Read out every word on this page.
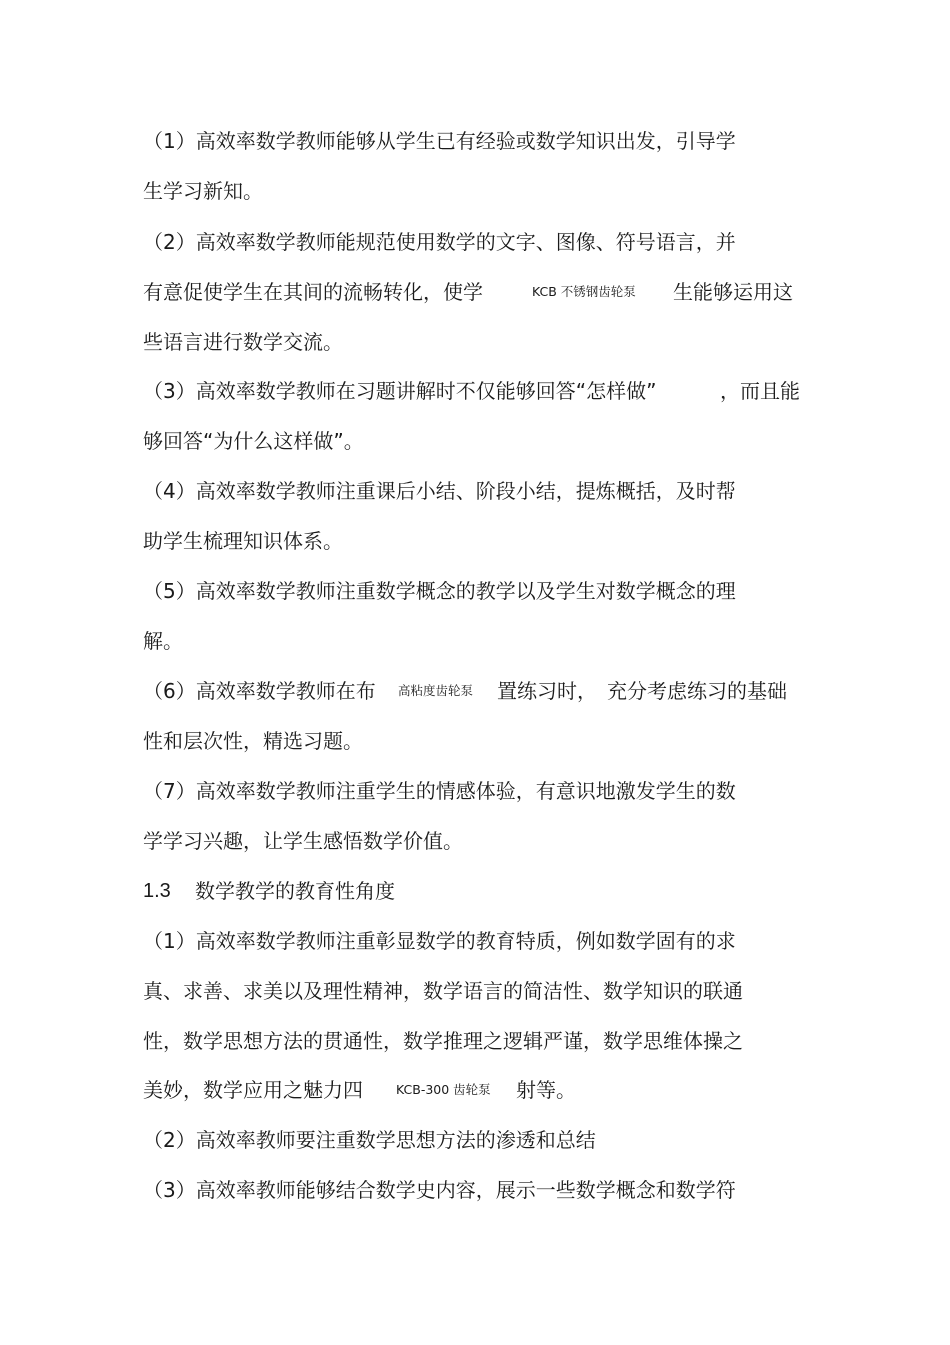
（1）高效率数学教师能够从学生已有经验或数学知识出发，引导学
生学习新知。
（2）高效率数学教师能规范使用数学的文字、图像、符号语言，并
有意促使学生在其间的流畅转化，使学	KCB 不锈钢齿轮泵 生能够运用这
些语言进行数学交流。
（3）高效率数学教师在习题讲解时不仅能够回答“怎样做”	，而且能
够回答“为什么这样做”。
（4）高效率数学教师注重课后小结、阶段小结，提炼概括，及时帮
助学生梳理知识体系。
（5）高效率数学教师注重数学概念的教学以及学生对数学概念的理
解。
（6）高效率数学教师在布 高粘度齿轮泵 置练习时， 充分考虑练习的基础
性和层次性，精选习题。
（7）高效率数学教师注重学生的情感体验，有意识地激发学生的数
学学习兴趣，让学生感悟数学价值。
1.3 数学教学的教育性角度
（1）高效率数学教师注重彰显数学的教育特质，例如数学固有的求
真、求善、求美以及理性精神，数学语言的简洁性、数学知识的联通
性，数学思想方法的贯通性，数学推理之逻辑严谨，数学思维体操之
美妙，数学应用之魅力四	KCB-300 齿轮泵 射等。
（2）高效率教师要注重数学思想方法的渗透和总结
（3）高效率教师能够结合数学史内容，展示一些数学概念和数学符
